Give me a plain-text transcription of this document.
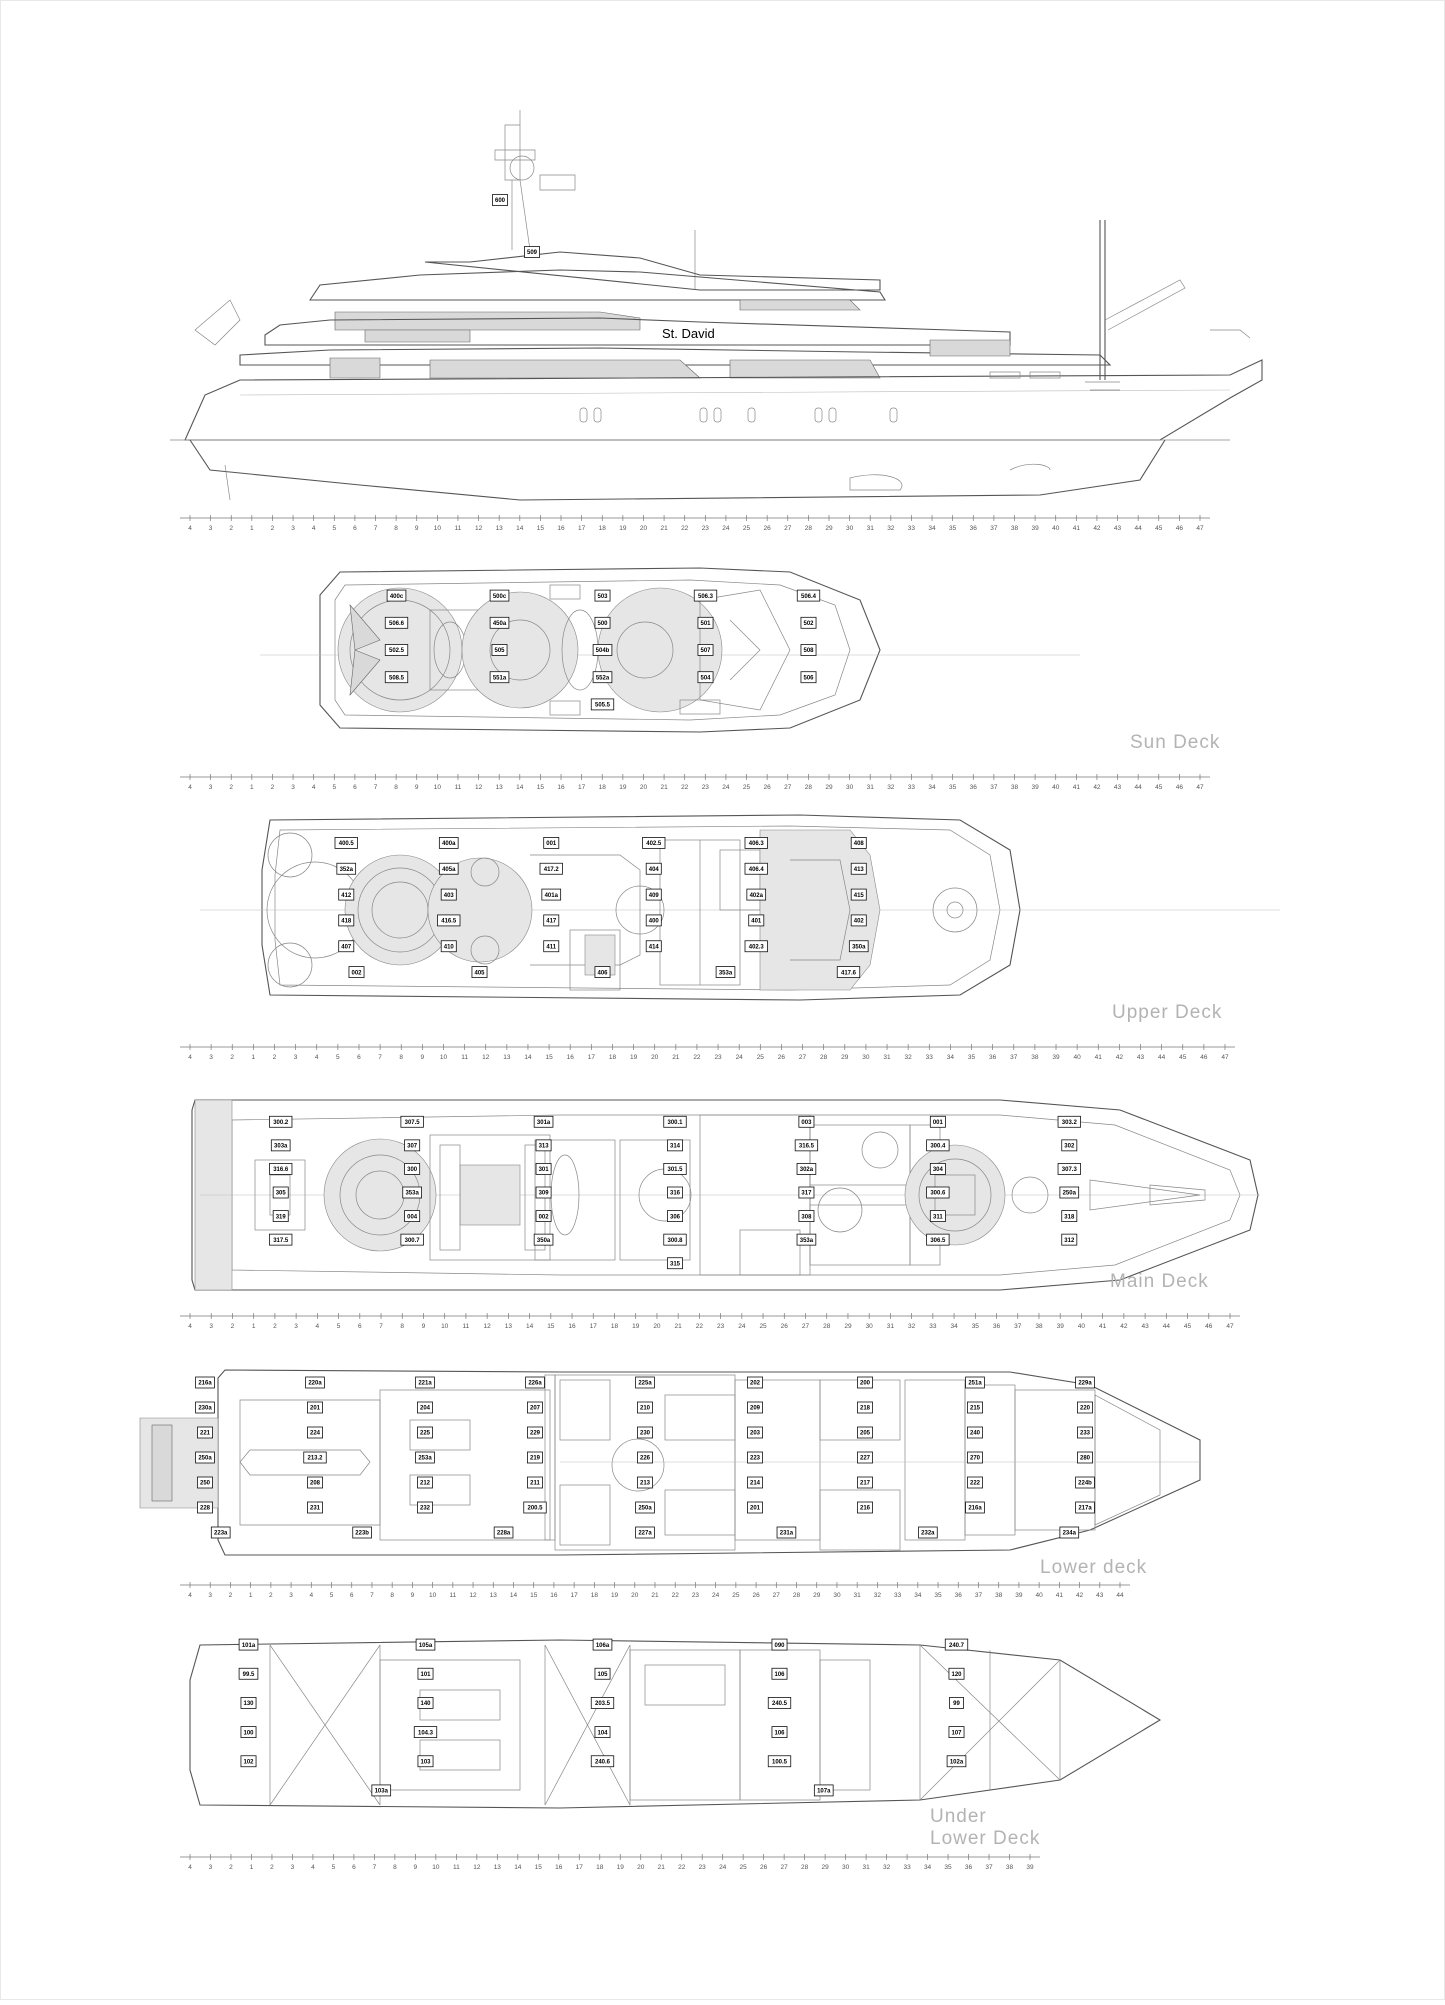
St. David
600
509
400c	500c	503	506.3	506.4
506.6	450a	500	501	502
502.5	505	504b	507	508
508.5	551a	552a	504	506
505.5
Sun Deck
400.5	400a	001	402.5	406.3	408
352a	405a	417.2	404	406.4	413
412	403	401a	409	402a	415
418	416.5	417	400	401	402
407	410	411	414	402.3	350a
002	405	406	353a	417.6
Upper Deck
300.2	307.5	301a	300.1	003	001	303.2
303a	307	313	314	316.5	300.4	302
316.6	300	301	301.5	302a	304	307.3
305	353a	309	316	317	300.6	250a
319	004	002	306	308	311	318
317.5	300.7	350a	300.8	353a	306.5	312
315
Main Deck
216a	220a	221a	226a	225a	202	200	251a	229a
230a	201	204	207	210	209	218	215	220
221	224	225	229	230	203	205	240	233
250a	213.2	253a	219	226	223	227	270	280
250	208	212	211	213	214	217	222	224b
228	231	232	200.5	250a	201	216	216a	217a
223a	223b	228a	227a	231a	232a	234a
Lower deck
101a	105a	106a	090	240.7
99.5	101	105	106	120
130	140	203.5	240.5	99
100	104.3	104	106	107
102	103	240.6	100.5	102a
103a	107a
Under Lower Deck
4	3	2	1	2	3	4	5	6	7	8	9 10 11 12 13 14 15 16 17 18 19 20 21 22 23 24 25 26 27 28 29 30 31 32 33 34 35 36 37 38 39 40 41 42 43 44 45 46 47
4	3	2	1	2	3	4	5	6	7	8	9 10 11 12 13 14 15 16 17 18 19 20 21 22 23 24 25 26 27 28 29 30 31 32 33 34 35 36 37 38 39 40 41 42 43 44 45 46 47
4	3	2	1	2	3	4	5	6	7	8	9 10 11 12 13 14 15 16 17 18 19 20 21 22 23 24 25 26 27 28 29 30 31 32 33 34 35 36 37 38 39 40 41 42 43 44 45 46 47
4	3	2	1	2	3	4	5	6	7	8	9 10 11 12 13 14 15 16 17 18 19 20 21 22 23 24 25 26 27 28 29 30 31 32 33 34 35 36 37 38 39 40 41 42 43 44 45 46 47
4	3	2	1	2	3	4	5	6	7	8	9 10 11 12 13 14 15 16 17 18 19 20 21 22 23 24 25 26 27 28 29 30 31 32 33 34 35 36 37 38 39 40 41 42 43 44
4	3	2	1	2	3	4	5	6	7	8	9 10 11 12 13 14 15 16 17 18 19 20 21 22 23 24 25 26 27 28 29 30 31 32 33 34 35 36 37 38 39
